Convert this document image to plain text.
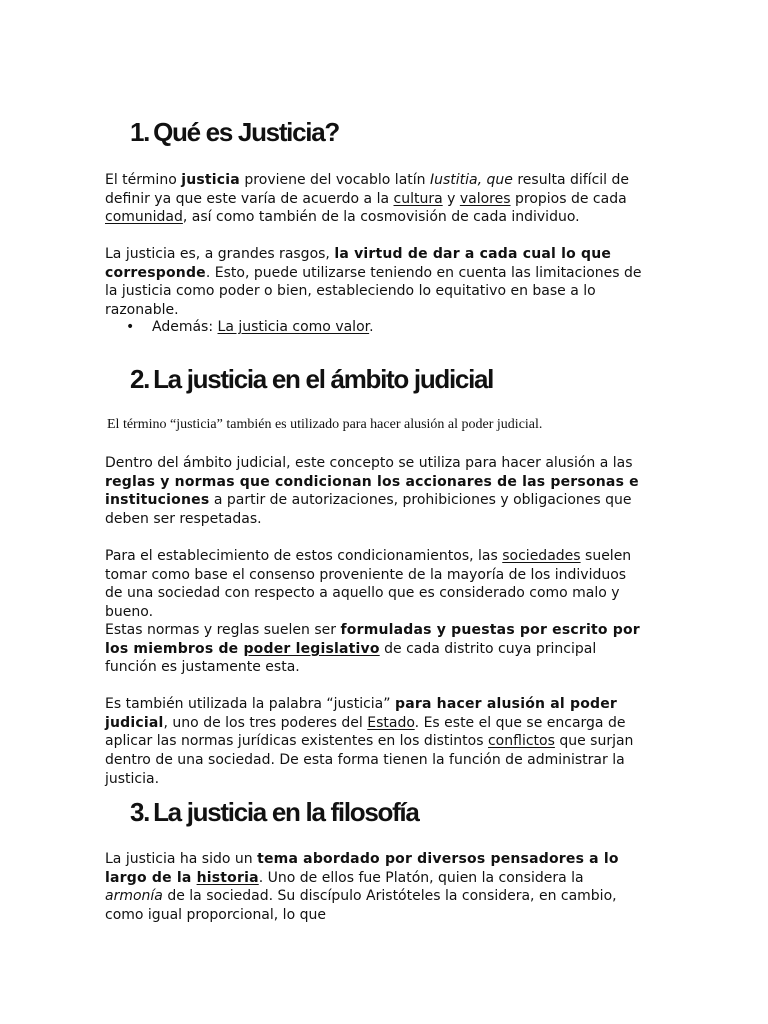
1. Qué es Justicia?

El término justicia proviene del vocablo latín Iustitia, que resulta difícil de definir ya que este varía de acuerdo a la cultura y valores propios de cada comunidad, así como también de la cosmovisión de cada individuo.

La justicia es, a grandes rasgos, la virtud de dar a cada cual lo que corresponde. Esto, puede utilizarse teniendo en cuenta las limitaciones de la justicia como poder o bien, estableciendo lo equitativo en base a lo razonable.

• Además: La justicia como valor.

2. La justicia en el ámbito judicial

El término “justicia” también es utilizado para hacer alusión al poder judicial.

Dentro del ámbito judicial, este concepto se utiliza para hacer alusión a las reglas y normas que condicionan los accionares de las personas e instituciones a partir de autorizaciones, prohibiciones y obligaciones que deben ser respetadas.

Para el establecimiento de estos condicionamientos, las sociedades suelen tomar como base el consenso proveniente de la mayoría de los individuos de una sociedad con respecto a aquello que es considerado como malo y bueno.

Estas normas y reglas suelen ser formuladas y puestas por escrito por los miembros de poder legislativo de cada distrito cuya principal función es justamente esta.

Es también utilizada la palabra “justicia” para hacer alusión al poder judicial, uno de los tres poderes del Estado. Es este el que se encarga de aplicar las normas jurídicas existentes en los distintos conflictos que surjan dentro de una sociedad. De esta forma tienen la función de administrar la justicia.

3. La justicia en la filosofía

La justicia ha sido un tema abordado por diversos pensadores a lo largo de la historia. Uno de ellos fue Platón, quien la considera la armonía de la sociedad. Su discípulo Aristóteles la considera, en cambio, como igual proporcional, lo que
